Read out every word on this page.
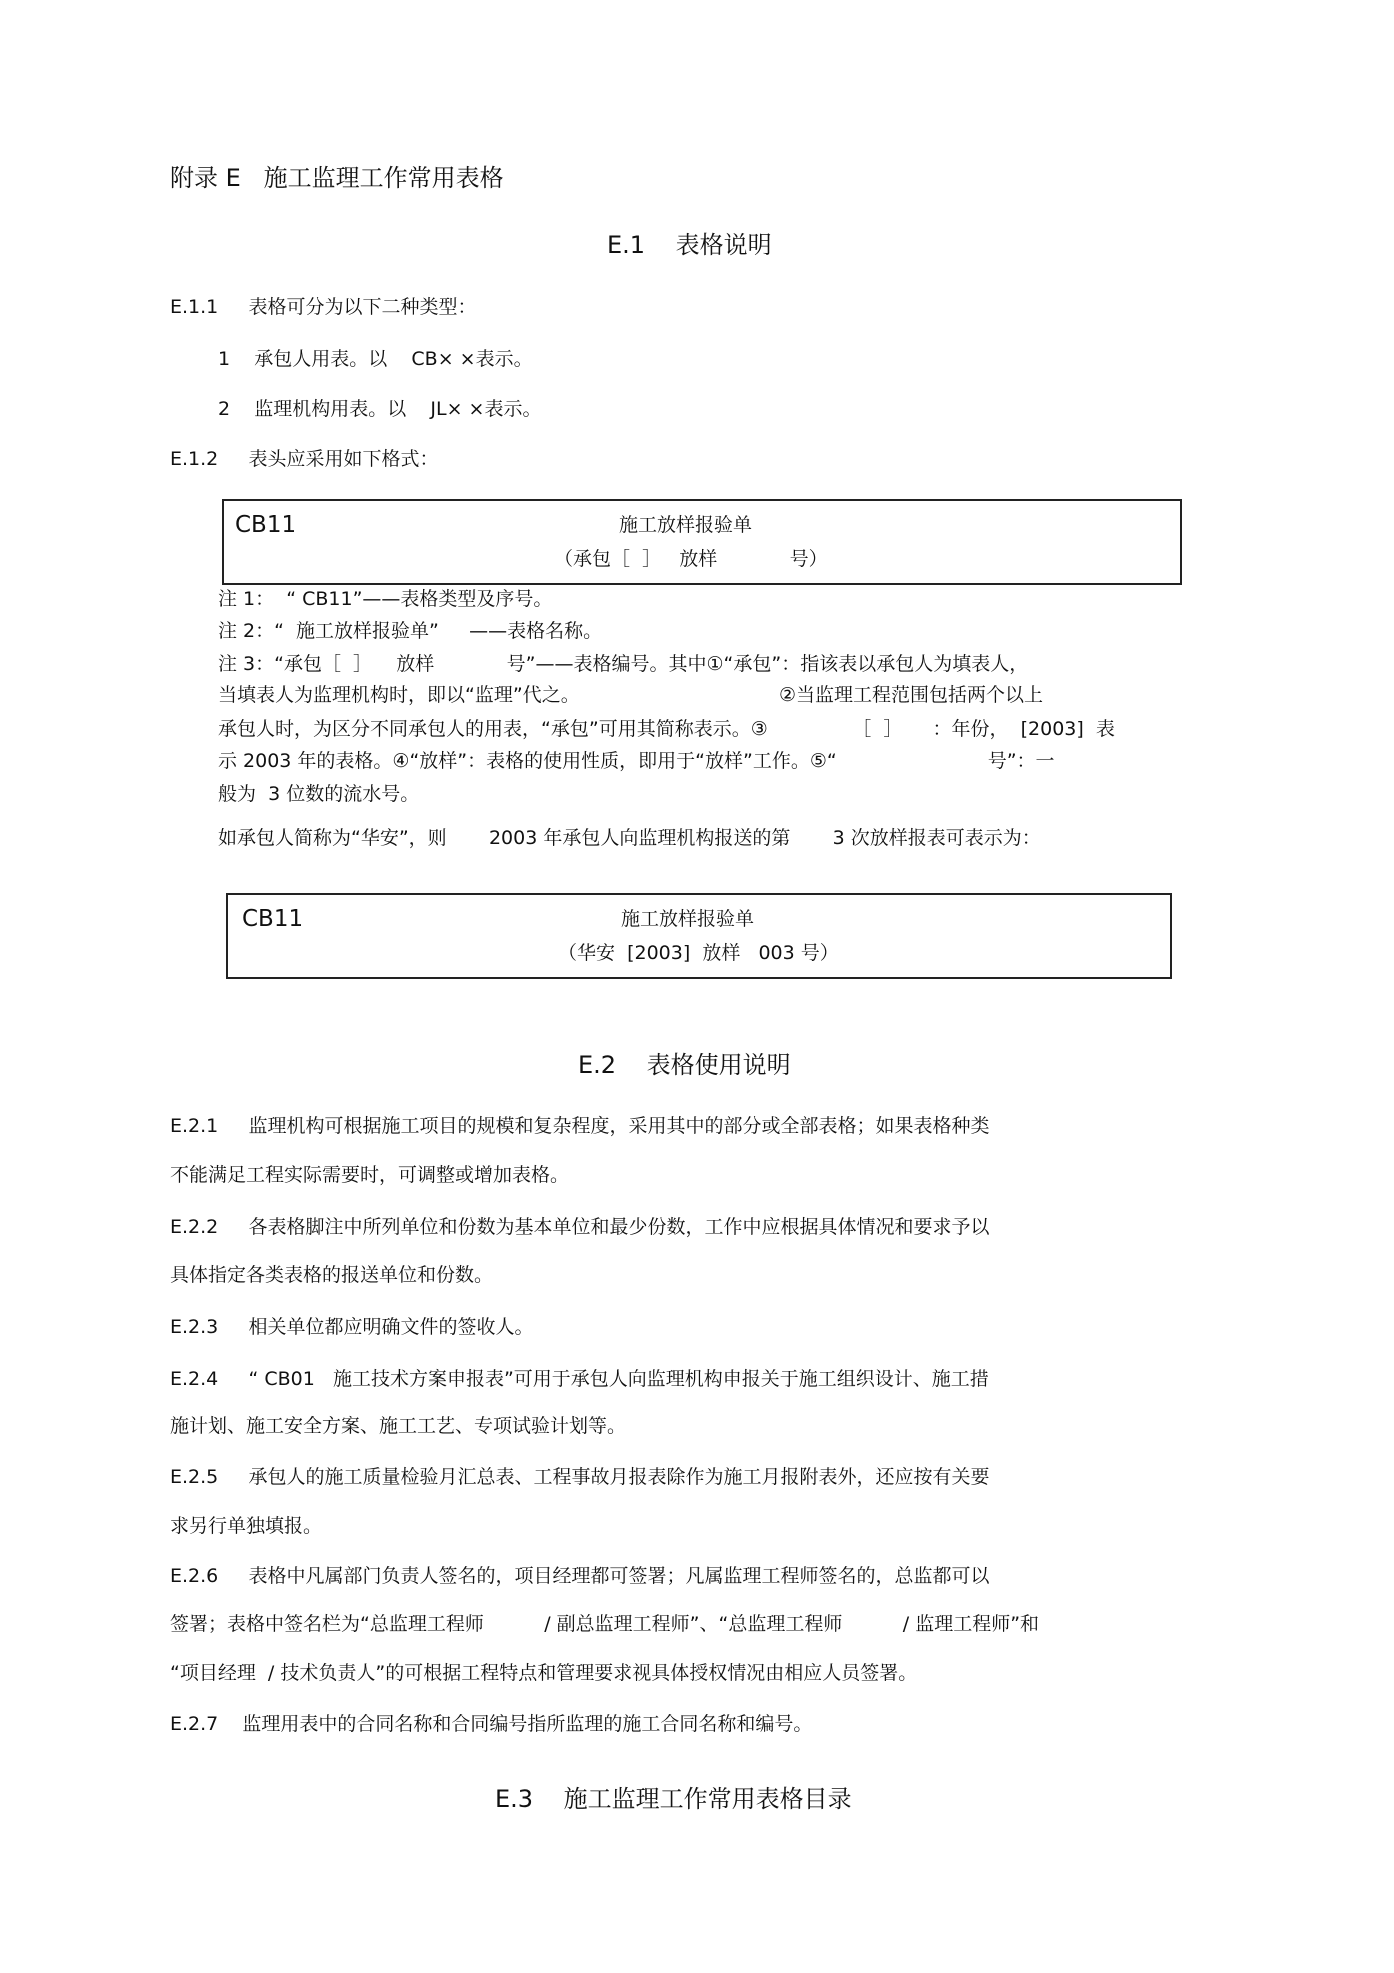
附录 E   施工监理工作常用表格
E.1    表格说明
E.1.1     表格可分为以下二种类型：
1    承包人用表。以    CB× ×表示。
2    监理机构用表。以    JL× ×表示。
E.1.2     表头应采用如下格式：
CB11	施工放样报验单
（承包［  ］   放样            号）
注 1：  “ CB11”——表格类型及序号。
注 2：“  施工放样报验单”     ——表格名称。
注 3：“承包［  ］    放样            号”——表格编号。其中①“承包”：指该表以承包人为填表人，
当填表人为监理机构时，即以“监理”代之。                                 ②当监理工程范围包括两个以上
承包人时，为区分不同承包人的用表，“承包”可用其简称表示。③              ［  ］     ：年份，  [2003]  表
示 2003 年的表格。④“放样”：表格的使用性质，即用于“放样”工作。⑤“                         号”：一
般为  3 位数的流水号。
如承包人简称为“华安”，则       2003 年承包人向监理机构报送的第       3 次放样报表可表示为：
CB11	施工放样报验单
（华安  [2003]  放样   003 号）
E.2    表格使用说明
E.2.1     监理机构可根据施工项目的规模和复杂程度，采用其中的部分或全部表格；如果表格种类
不能满足工程实际需要时，可调整或增加表格。
E.2.2     各表格脚注中所列单位和份数为基本单位和最少份数，工作中应根据具体情况和要求予以
具体指定各类表格的报送单位和份数。
E.2.3     相关单位都应明确文件的签收人。
E.2.4     “ CB01   施工技术方案申报表”可用于承包人向监理机构申报关于施工组织设计、施工措
施计划、施工安全方案、施工工艺、专项试验计划等。
E.2.5     承包人的施工质量检验月汇总表、工程事故月报表除作为施工月报附表外，还应按有关要
求另行单独填报。
E.2.6     表格中凡属部门负责人签名的，项目经理都可签署；凡属监理工程师签名的，总监都可以
签署；表格中签名栏为“总监理工程师          / 副总监理工程师”、“总监理工程师          / 监理工程师”和
“项目经理  / 技术负责人”的可根据工程特点和管理要求视具体授权情况由相应人员签署。
E.2.7    监理用表中的合同名称和合同编号指所监理的施工合同名称和编号。
E.3    施工监理工作常用表格目录
